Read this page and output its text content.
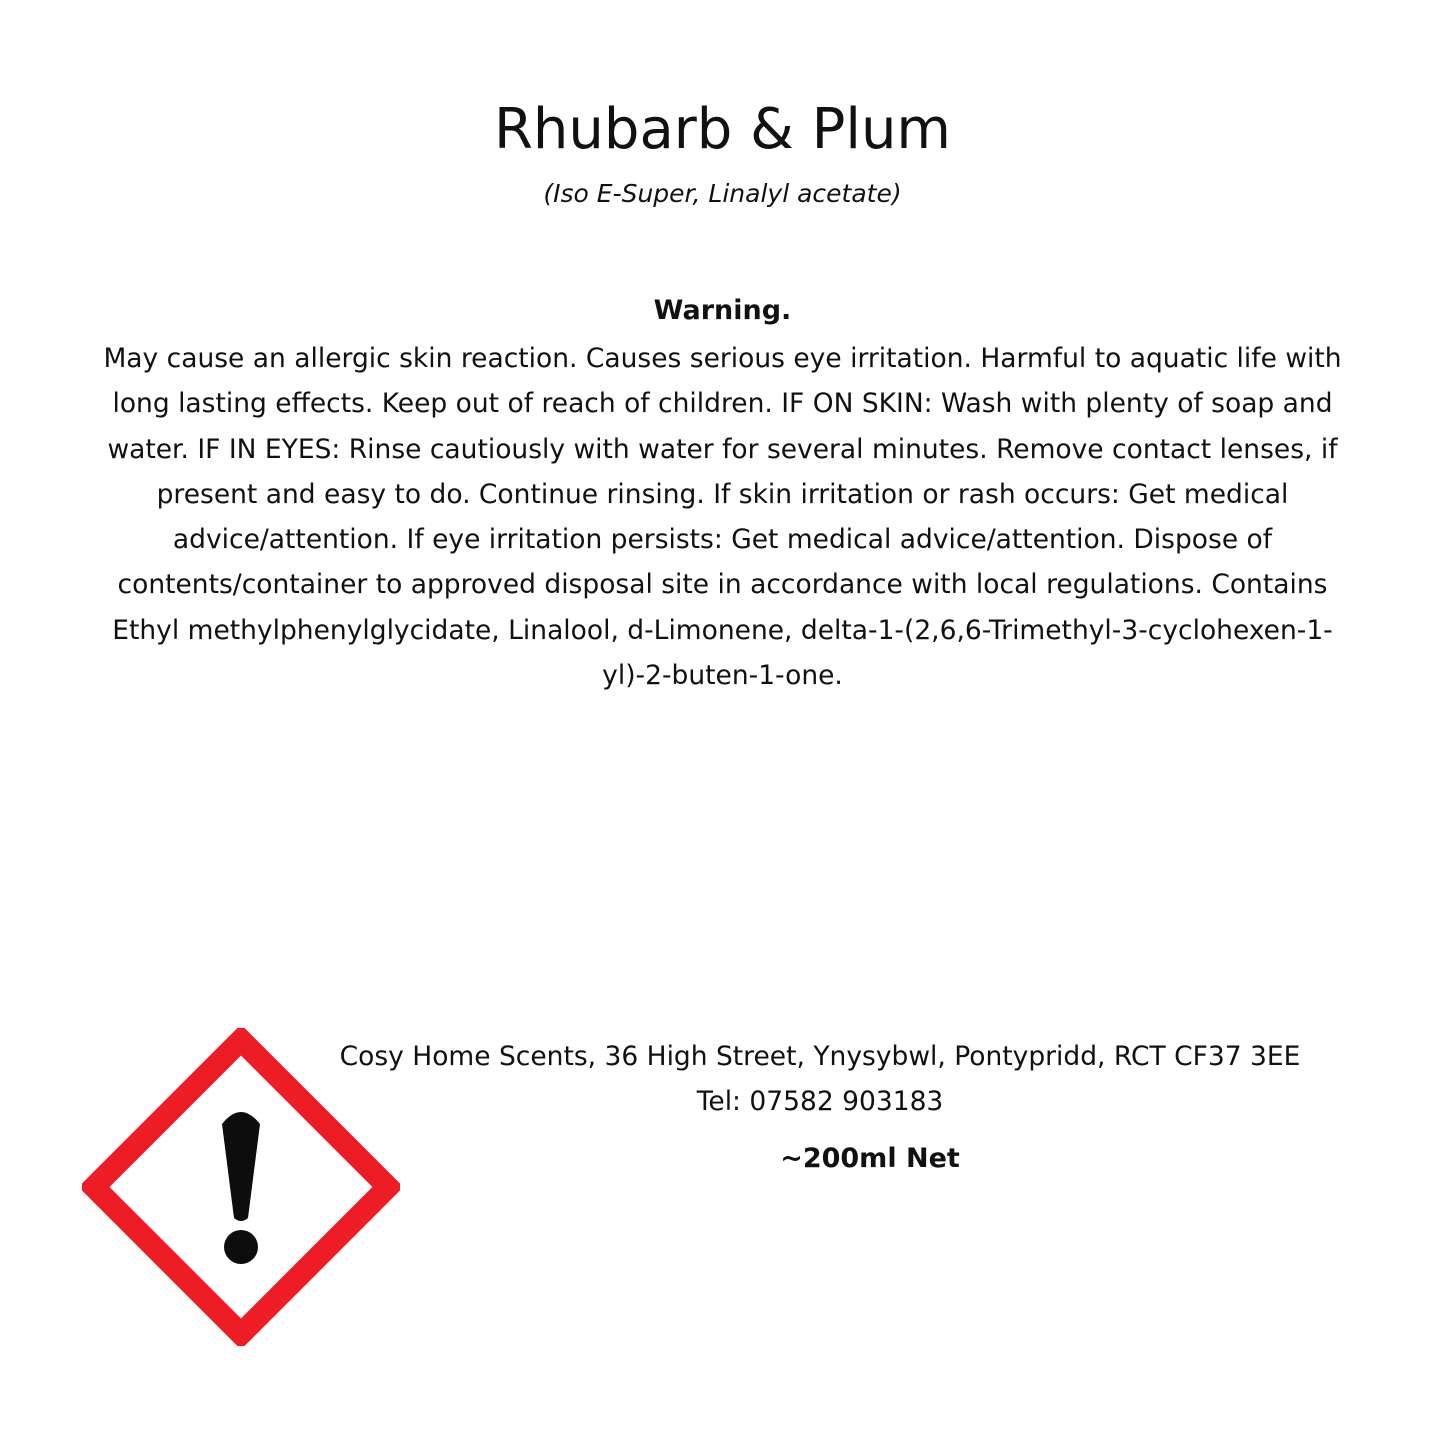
Rhubarb & Plum

(Iso E-Super, Linalyl acetate)

Warning.

May cause an allergic skin reaction. Causes serious eye irritation. Harmful to aquatic life with long lasting effects. Keep out of reach of children. IF ON SKIN: Wash with plenty of soap and water. IF IN EYES: Rinse cautiously with water for several minutes. Remove contact lenses, if present and easy to do. Continue rinsing. If skin irritation or rash occurs: Get medical advice/attention. If eye irritation persists: Get medical advice/attention. Dispose of contents/container to approved disposal site in accordance with local regulations. Contains Ethyl methylphenylglycidate, Linalool, d-Limonene, delta-1-(2,6,6-Trimethyl-3-cyclohexen-1-yl)-2-buten-1-one.

Cosy Home Scents, 36 High Street, Ynysybwl, Pontypridd, RCT CF37 3EE
Tel: 07582 903183
~200ml Net
